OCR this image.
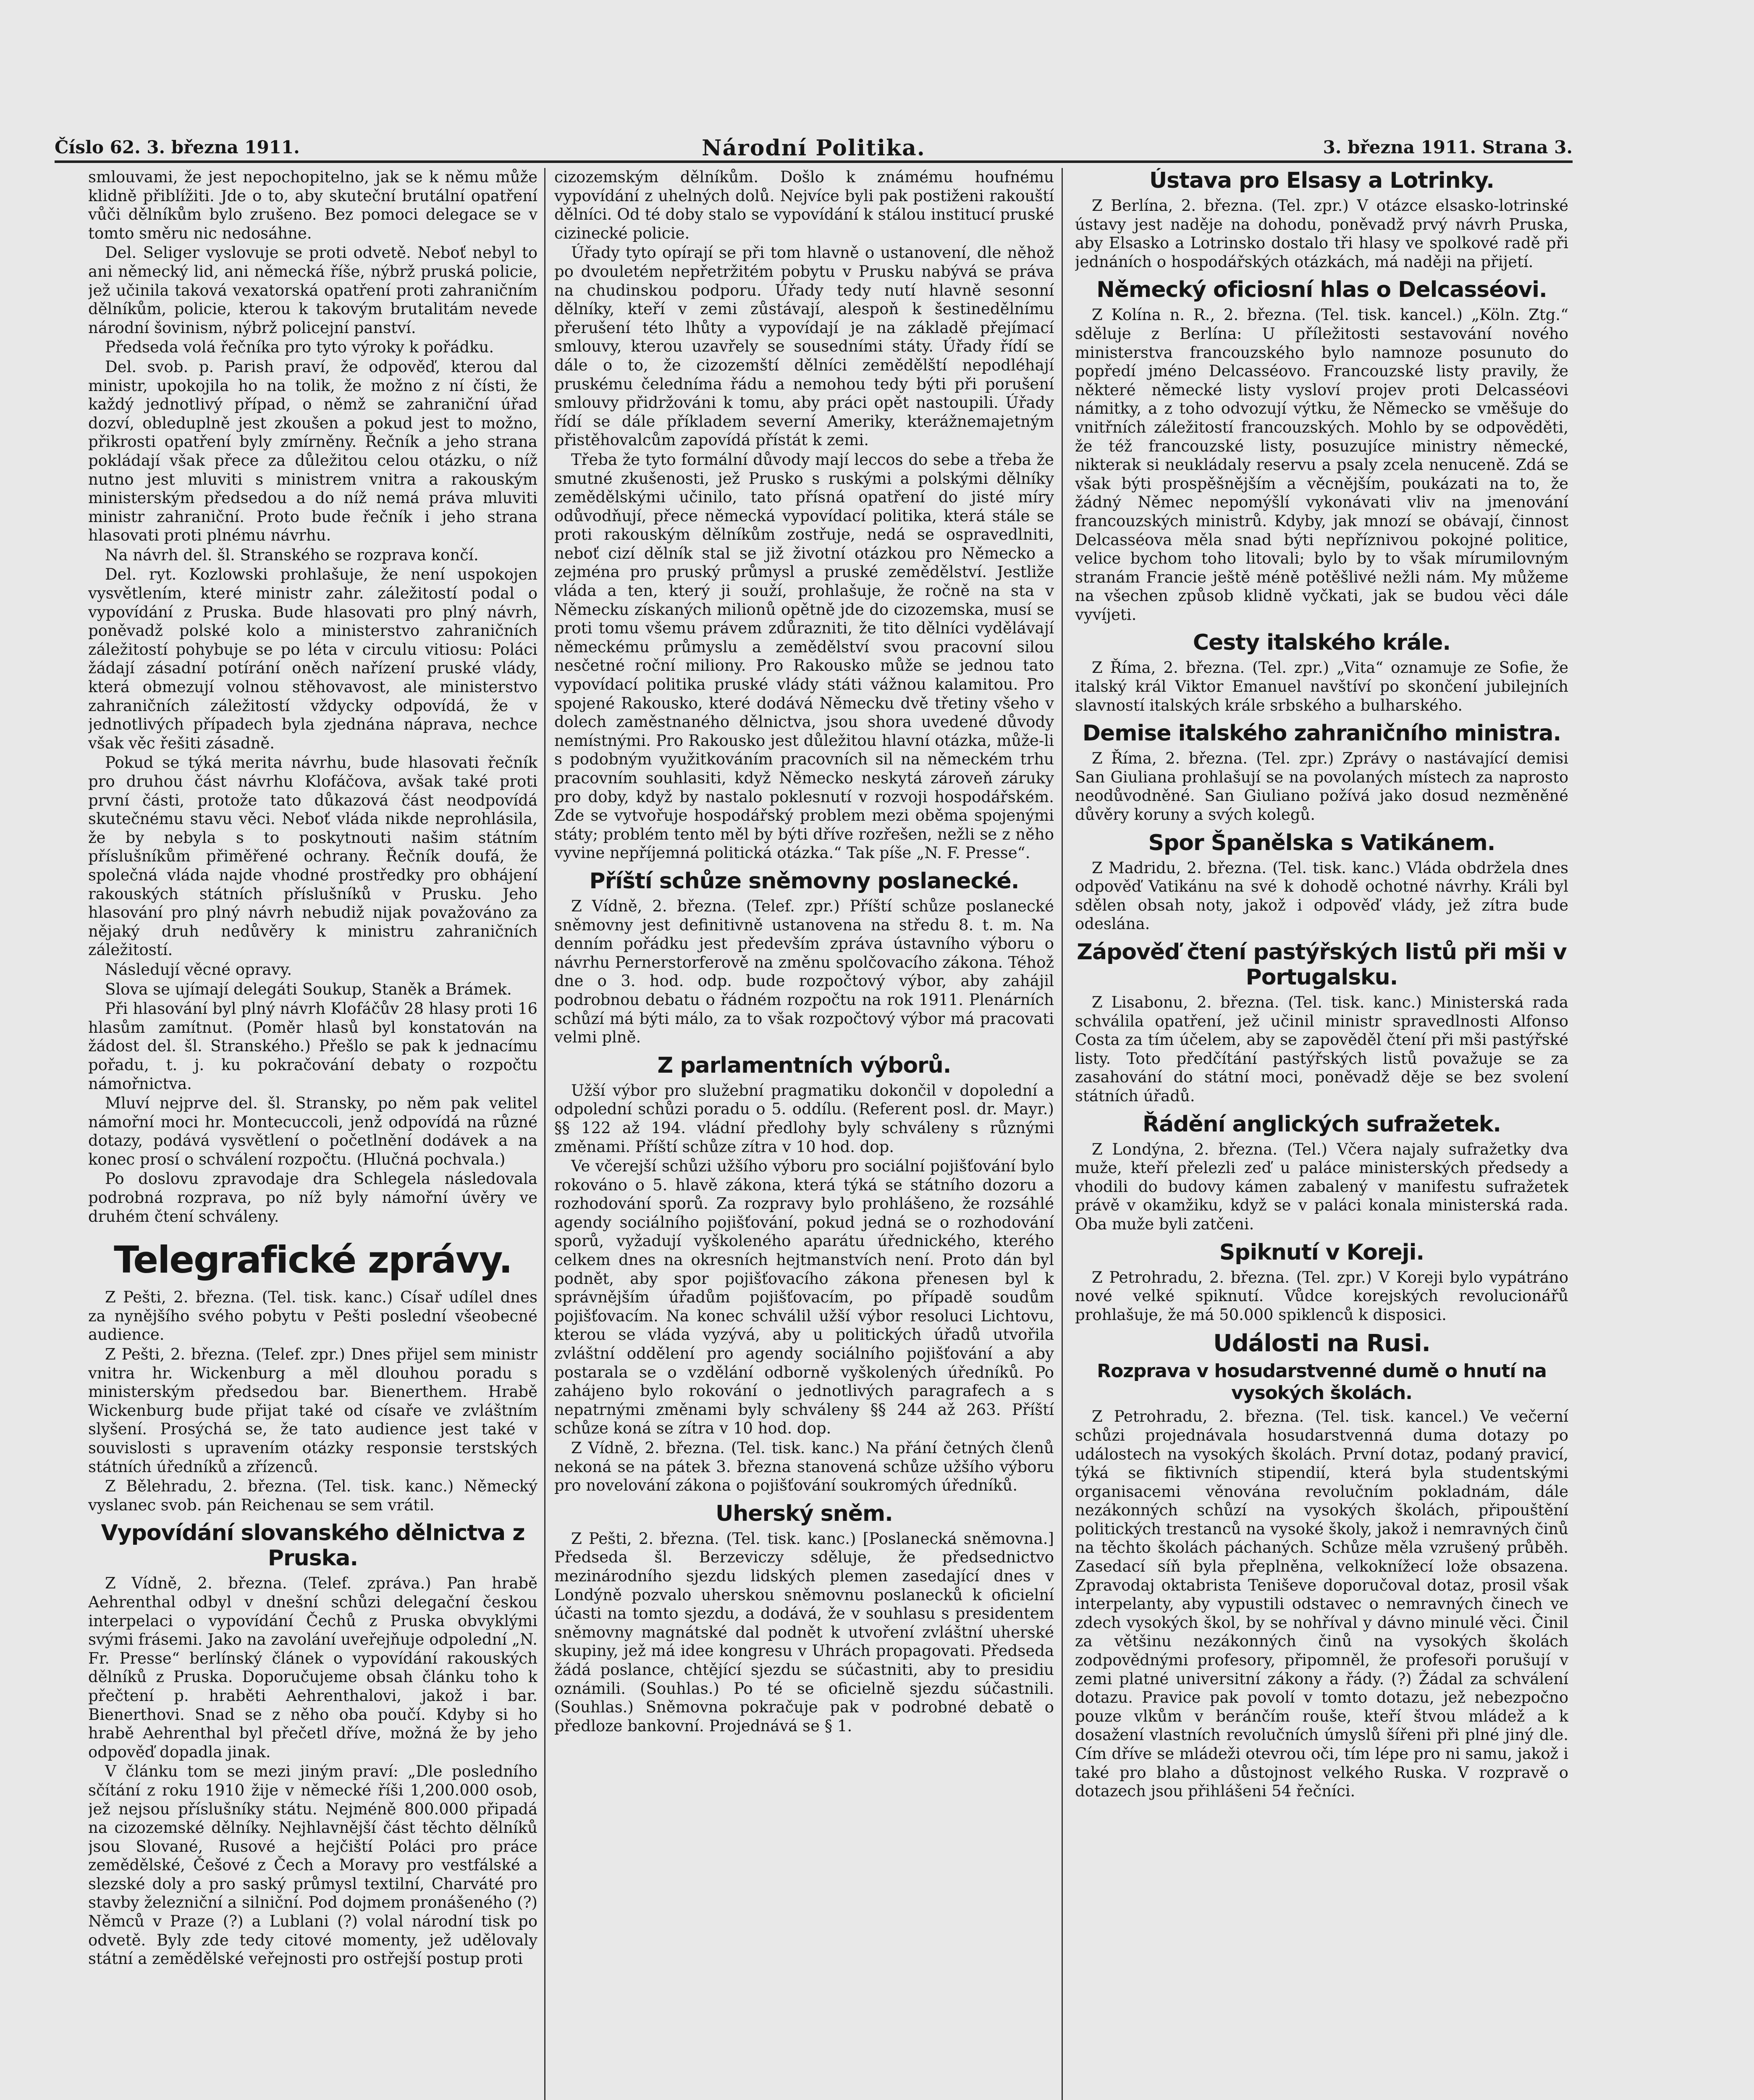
Číslo 62. 3. března 1911.	Národní Politika.	3. března 1911. Strana 3.

smlouvami, že jest nepochopitelno, jak se k němu může klidně přiblížiti. Jde o to, aby skuteční brutální opatření vůči dělníkům bylo zrušeno. Bez pomoci delegace se v tomto směru nic nedosáhne.

Del. Seliger vyslovuje se proti odvetě. Neboť nebyl to ani německý lid, ani německá říše, nýbrž pruská policie, jež učinila taková vexatorská opatření proti zahraničním dělníkům, policie, kterou k takovým brutalitám nevede národní šovinism, nýbrž policejní panství.

Předseda volá řečníka pro tyto výroky k pořádku.

Del. svob. p. Parish praví, že odpověď, kterou dal ministr, upokojila ho na tolik, že možno z ní čísti, že každý jednotlivý případ, o němž se zahraniční úřad dozví, obleduplně jest zkoušen a pokud jest to možno, přikrosti opatření byly zmírněny. Řečník a jeho strana pokládají však přece za důležitou celou otázku, o níž nutno jest mluviti s ministrem vnitra a rakouským ministerským předsedou a do níž nemá práva mluviti ministr zahraniční. Proto bude řečník i jeho strana hlasovati proti plnému návrhu.

Na návrh del. šl. Stranského se rozprava končí.

Del. ryt. Kozlowski prohlašuje, že není uspokojen vysvětlením, které ministr zahr. záležitostí podal o vypovídání z Pruska. Bude hlasovati pro plný návrh, poněvadž polské kolo a ministerstvo zahraničních záležitostí pohybuje se po léta v circulu vitiosu: Poláci žádají zásadní potírání oněch nařízení pruské vlády, která obmezují volnou stěhovavost, ale ministerstvo zahraničních záležitostí vždycky odpovídá, že v jednotlivých případech byla zjednána náprava, nechce však věc řešiti zásadně.

Pokud se týká merita návrhu, bude hlasovati řečník pro druhou část návrhu Klofáčova, avšak také proti první části, protože tato důkazová část neodpovídá skutečnému stavu věci. Neboť vláda nikde neprohlásila, že by nebyla s to poskytnouti našim státním příslušníkům přiměřené ochrany. Řečník doufá, že společná vláda najde vhodné prostředky pro obhájení rakouských státních příslušníků v Prusku. Jeho hlasování pro plný návrh nebudiž nijak považováno za nějaký druh nedůvěry k ministru zahraničních záležitostí.

Následují věcné opravy.

Slova se ujímají delegáti Soukup, Staněk a Brámek.

Při hlasování byl plný návrh Klofáčův 28 hlasy proti 16 hlasům zamítnut. (Poměr hlasů byl konstatován na žádost del. šl. Stranského.) Přešlo se pak k jednacímu pořadu, t. j. ku pokračování debaty o rozpočtu námořnictva.

Mluví nejprve del. šl. Stransky, po něm pak velitel námořní moci hr. Montecuccoli, jenž odpovídá na různé dotazy, podává vysvětlení o početlnění dodávek a na konec prosí o schválení rozpočtu. (Hlučná pochvala.)

Po doslovu zpravodaje dra Schlegela následovala podrobná rozprava, po níž byly námořní úvěry ve druhém čtení schváleny.

Telegrafické zprávy.

Z Pešti, 2. března. (Tel. tisk. kanc.) Císař udílel dnes za nynějšího svého pobytu v Pešti poslední všeobecné audience.

Z Pešti, 2. března. (Telef. zpr.) Dnes přijel sem ministr vnitra hr. Wickenburg a měl dlouhou poradu s ministerským předsedou bar. Bienerthem. Hrabě Wickenburg bude přijat také od císaře ve zvláštním slyšení. Prosýchá se, že tato audience jest také v souvislosti s upravením otázky responsie terstských státních úředníků a zřízenců.

Z Bělehradu, 2. března. (Tel. tisk. kanc.) Německý vyslanec svob. pán Reichenau se sem vrátil.

Vypovídání slovanského dělnictva z Pruska.

Z Vídně, 2. března. (Telef. zpráva.) Pan hrabě Aehrenthal odbyl v dnešní schůzi delegační českou interpelaci o vypovídání Čechů z Pruska obvyklými svými frásemi. Jako na zavolání uveřejňuje odpolední „N. Fr. Presse“ berlínský článek o vypovídání rakouských dělníků z Pruska. Doporučujeme obsah článku toho k přečtení p. hraběti Aehrenthalovi, jakož i bar. Bienerthovi. Snad se z něho oba poučí. Kdyby si ho hrabě Aehrenthal byl přečetl dříve, možná že by jeho odpověď dopadla jinak.

V článku tom se mezi jiným praví: „Dle posledního sčítání z roku 1910 žije v německé říši 1,200.000 osob, jež nejsou příslušníky státu. Nejméně 800.000 připadá na cizozemské dělníky. Nejhlavnější část těchto dělníků jsou Slované, Rusové a hejčiští Poláci pro práce zemědělské, Češové z Čech a Moravy pro vestfálské a slezské doly a pro saský průmysl textilní, Charváté pro stavby železniční a silniční. Pod dojmem pronášeného (?) Němců v Praze (?) a Lublani (?) volal národní tisk po odvetě. Byly zde tedy citové momenty, jež udělovaly státní a zemědělské veřejnosti pro ostřejší postup proti

cizozemským dělníkům. Došlo k známému houfnému vypovídání z uhelných dolů. Nejvíce byli pak postiženi rakouští dělníci. Od té doby stalo se vypovídání k stálou institucí pruské cizinecké policie.

Úřady tyto opírají se při tom hlavně o ustanovení, dle něhož po dvouletém nepřetržitém pobytu v Prusku nabývá se práva na chudinskou podporu. Úřady tedy nutí hlavně sesonní dělníky, kteří v zemi zůstávají, alespoň k šestinedělnímu přerušení této lhůty a vypovídají je na základě přejímací smlouvy, kterou uzavřely se sousedními státy. Úřady řídí se dále o to, že cizozemští dělníci zemědělští nepodléhají pruskému čeledníma řádu a nemohou tedy býti při porušení smlouvy přidržováni k tomu, aby práci opět nastoupili. Úřady řídí se dále příkladem severní Ameriky, kterážnemajetným přistěhovalcům zapovídá přístát k zemi.

Třeba že tyto formální důvody mají leccos do sebe a třeba že smutné zkušenosti, jež Prusko s ruskými a polskými dělníky zemědělskými učinilo, tato přísná opatření do jisté míry odůvodňují, přece německá vypovídací politika, která stále se proti rakouským dělníkům zostřuje, nedá se ospravedlniti, neboť cizí dělník stal se již životní otázkou pro Německo a zejména pro pruský průmysl a pruské zemědělství. Jestliže vláda a ten, který ji souží, prohlašuje, že ročně na sta v Německu získaných milionů opětně jde do cizozemska, musí se proti tomu všemu právem zdůrazniti, že tito dělníci vydělávají německému průmyslu a zemědělství svou pracovní silou nesčetné roční miliony. Pro Rakousko může se jednou tato vypovídací politika pruské vlády státi vážnou kalamitou. Pro spojené Rakousko, které dodává Německu dvě třetiny všeho v dolech zaměstnaného dělnictva, jsou shora uvedené důvody nemístnými. Pro Rakousko jest důležitou hlavní otázka, může-li s podobným využitkováním pracovních sil na německém trhu pracovním souhlasiti, když Německo neskytá zároveň záruky pro doby, když by nastalo poklesnutí v rozvoji hospodářském. Zde se vytvořuje hospodářský problem mezi oběma spojenými státy; problém tento měl by býti dříve rozřešen, nežli se z něho vyvine nepříjemná politická otázka.“ Tak píše „N. F. Presse“.

Příští schůze sněmovny poslanecké.

Z Vídně, 2. března. (Telef. zpr.) Příští schůze poslanecké sněmovny jest definitivně ustanovena na středu 8. t. m. Na denním pořádku jest především zpráva ústavního výboru o návrhu Pernerstorferově na změnu spolčovacího zákona. Téhož dne o 3. hod. odp. bude rozpočtový výbor, aby zahájil podrobnou debatu o řádném rozpočtu na rok 1911. Plenárních schůzí má býti málo, za to však rozpočtový výbor má pracovati velmi plně.

Z parlamentních výborů.

Užší výbor pro služební pragmatiku dokončil v dopolední a odpolední schůzi poradu o 5. oddílu. (Referent posl. dr. Mayr.) §§ 122 až 194. vládní předlohy byly schváleny s různými změnami. Příští schůze zítra v 10 hod. dop.

Ve včerejší schůzi užšího výboru pro sociální pojišťování bylo rokováno o 5. hlavě zákona, která týká se státního dozoru a rozhodování sporů. Za rozpravy bylo prohlášeno, že rozsáhlé agendy sociálního pojišťování, pokud jedná se o rozhodování sporů, vyžadují vyškoleného aparátu úřednického, kterého celkem dnes na okresních hejtmanstvích není. Proto dán byl podnět, aby spor pojišťovacího zákona přenesen byl k správnějším úřadům pojišťovacím, po případě soudům pojišťovacím. Na konec schválil užší výbor resoluci Lichtovu, kterou se vláda vyzývá, aby u politických úřadů utvořila zvláštní oddělení pro agendy sociálního pojišťování a aby postarala se o vzdělání odborně vyškolených úředníků. Po zahájeno bylo rokování o jednotlivých paragrafech a s nepatrnými změnami byly schváleny §§ 244 až 263. Příští schůze koná se zítra v 10 hod. dop.

Z Vídně, 2. března. (Tel. tisk. kanc.) Na přání četných členů nekoná se na pátek 3. března stanovená schůze užšího výboru pro novelování zákona o pojišťování soukromých úředníků.

Uherský sněm.

Z Pešti, 2. března. (Tel. tisk. kanc.) [Poslanecká sněmovna.] Předseda šl. Berzeviczy sděluje, že předsednictvo mezinárodního sjezdu lidských plemen zasedající dnes v Londýně pozvalo uherskou sněmovnu poslanecků k oficielní účasti na tomto sjezdu, a dodává, že v souhlasu s presidentem sněmovny magnátské dal podnět k utvoření zvláštní uherské skupiny, jež má idee kongresu v Uhrách propagovati. Předseda žádá poslance, chtějící sjezdu se súčastniti, aby to presidiu oznámili. (Souhlas.) Po té se oficielně sjezdu súčastnili. (Souhlas.) Sněmovna pokračuje pak v podrobné debatě o předloze bankovní. Projednává se § 1.

Ústava pro Elsasy a Lotrinky.

Z Berlína, 2. března. (Tel. zpr.) V otázce elsasko-lotrinské ústavy jest naděje na dohodu, poněvadž prvý návrh Pruska, aby Elsasko a Lotrinsko dostalo tři hlasy ve spolkové radě při jednáních o hospodářských otázkách, má naději na přijetí.

Německý oficiosní hlas o Delcasséovi.

Z Kolína n. R., 2. března. (Tel. tisk. kancel.) „Köln. Ztg.“ sděluje z Berlína: U příležitosti sestavování nového ministerstva francouzského bylo namnoze posunuto do popředí jméno Delcasséovo. Francouzské listy pravily, že některé německé listy vysloví projev proti Delcasséovi námitky, a z toho odvozují výtku, že Německo se vměšuje do vnitřních záležitostí francouzských. Mohlo by se odpověděti, že též francouzské listy, posuzujíce ministry německé, nikterak si neukládaly reservu a psaly zcela nenuceně. Zdá se však býti prospěšnějším a věcnějším, poukázati na to, že žádný Němec nepomýšlí vykonávati vliv na jmenování francouzských ministrů. Kdyby, jak mnozí se obávají, činnost Delcasséova měla snad býti nepříznivou pokojné politice, velice bychom toho litovali; bylo by to však mírumilovným stranám Francie ještě méně potěšlivé nežli nám. My můžeme na všechen způsob klidně vyčkati, jak se budou věci dále vyvíjeti.

Cesty italského krále.

Z Říma, 2. března. (Tel. zpr.) „Vita“ oznamuje ze Sofie, že italský král Viktor Emanuel navštíví po skončení jubilejních slavností italských krále srbského a bulharského.

Demise italského zahraničního ministra.

Z Říma, 2. března. (Tel. zpr.) Zprávy o nastávající demisi San Giuliana prohlašují se na povolaných místech za naprosto neodůvodněné. San Giuliano požívá jako dosud nezměněné důvěry koruny a svých kolegů.

Spor Španělska s Vatikánem.

Z Madridu, 2. března. (Tel. tisk. kanc.) Vláda obdržela dnes odpověď Vatikánu na své k dohodě ochotné návrhy. Králi byl sdělen obsah noty, jakož i odpověď vlády, jež zítra bude odeslána.

Zápověď čtení pastýřských listů při mši v Portugalsku.

Z Lisabonu, 2. března. (Tel. tisk. kanc.) Ministerská rada schválila opatření, jež učinil ministr spravedlnosti Alfonso Costa za tím účelem, aby se zapověděl čtení při mši pastýřské listy. Toto předčítání pastýřských listů považuje se za zasahování do státní moci, poněvadž děje se bez svolení státních úřadů.

Řádění anglických sufražetek.

Z Londýna, 2. března. (Tel.) Včera najaly sufražetky dva muže, kteří přelezli zeď u paláce ministerských předsedy a vhodili do budovy kámen zabalený v manifestu sufražetek právě v okamžiku, když se v paláci konala ministerská rada. Oba muže byli zatčeni.

Spiknutí v Koreji.

Z Petrohradu, 2. března. (Tel. zpr.) V Koreji bylo vypátráno nové velké spiknutí. Vůdce korejských revolucionářů prohlašuje, že má 50.000 spiklenců k disposici.

Události na Rusi.
Rozprava v hosudarstvenné dumě o hnutí na vysokých školách.

Z Petrohradu, 2. března. (Tel. tisk. kancel.) Ve večerní schůzi projednávala hosudarstvenná duma dotazy po událostech na vysokých školách. První dotaz, podaný pravicí, týká se fiktivních stipendií, která byla studentskými organisacemi věnována revolučním pokladnám, dále nezákonných schůzí na vysokých školách, připouštění politických trestanců na vysoké školy, jakož i nemravných činů na těchto školách páchaných. Schůze měla vzrušený průběh. Zasedací síň byla přeplněna, velkoknížecí lože obsazena. Zpravodaj oktabrista Teniševe doporučoval dotaz, prosil však interpelanty, aby vypustili odstavec o nemravných činech ve zdech vysokých škol, by se nohříval y dávno minulé věci. Činil za většinu nezákonných činů na vysokých školách zodpovědnými profesory, připomněl, že profesoři porušují v zemi platné universitní zákony a řády. (?) Žádal za schválení dotazu. Pravice pak povolí v tomto dotazu, jež nebezpočno pouze vlkům v beránčím rouše, kteří štvou mládež a k dosažení vlastních revolučních úmyslů šířeni při plné jiný dle. Cím dříve se mládeži otevrou oči, tím lépe pro ni samu, jakož i také pro blaho a důstojnost velkého Ruska. V rozpravě o dotazech jsou přihlášeni 54 řečníci.
